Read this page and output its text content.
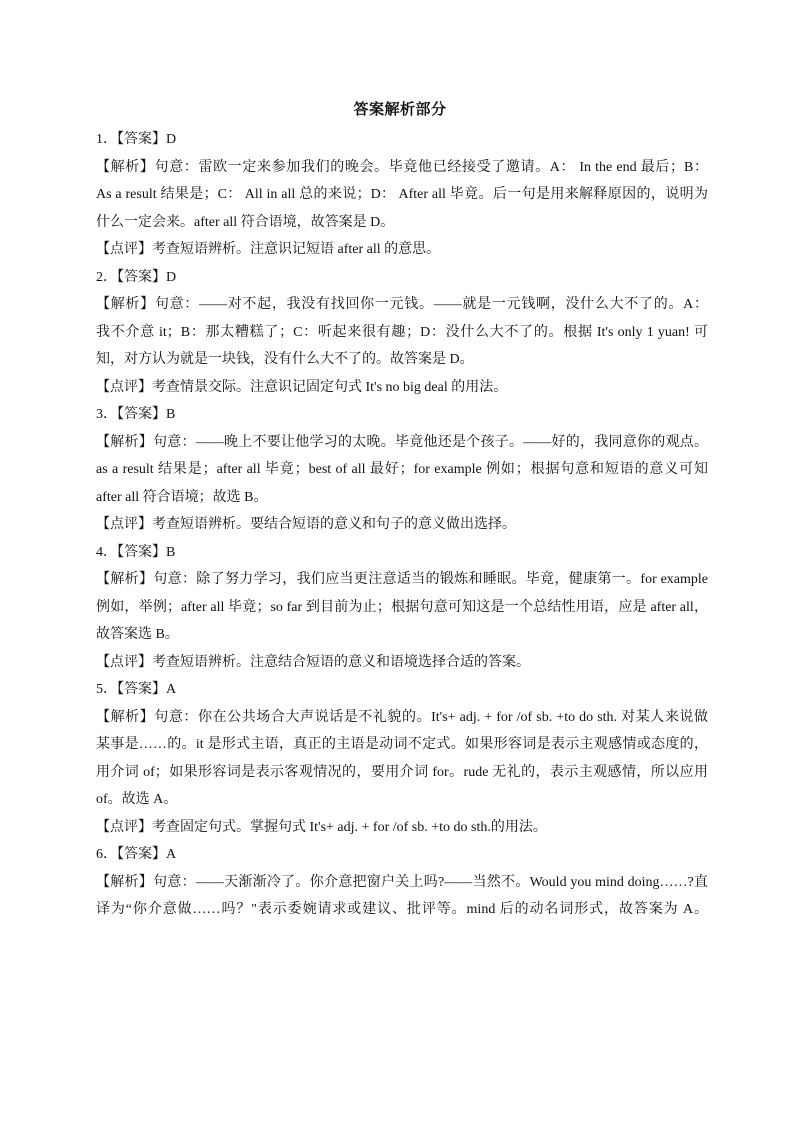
答案解析部分
1．【答案】D
【解析】句意：雷欧一定来参加我们的晚会。毕竟他已经接受了邀请。A： In the end 最后；B：
As a result 结果是；C： All in all 总的来说；D： After all 毕竟。后一句是用来解释原因的，说明为
什么一定会来。after all 符合语境，故答案是 D。
【点评】考查短语辨析。注意识记短语 after all 的意思。
2．【答案】D
【解析】句意：——对不起，我没有找回你一元钱。——就是一元钱啊，没什么大不了的。A：
我不介意 it；B：那太糟糕了；C：听起来很有趣；D：没什么大不了的。根据 It's only 1 yuan! 可
知，对方认为就是一块钱，没有什么大不了的。故答案是 D。
【点评】考查情景交际。注意识记固定句式 It's no big deal 的用法。
3．【答案】B
【解析】句意：——晚上不要让他学习的太晚。毕竟他还是个孩子。——好的，我同意你的观点。
as a result 结果是；after all 毕竟；best of all 最好；for example 例如；根据句意和短语的意义可知
after all 符合语境；故选 B。
【点评】考查短语辨析。要结合短语的意义和句子的意义做出选择。
4．【答案】B
【解析】句意：除了努力学习，我们应当更注意适当的锻炼和睡眠。毕竟，健康第一。for example
例如，举例；after all 毕竟；so far 到目前为止；根据句意可知这是一个总结性用语，应是 after all，
故答案选 B。
【点评】考查短语辨析。注意结合短语的意义和语境选择合适的答案。
5．【答案】A
【解析】句意：你在公共场合大声说话是不礼貌的。It's+ adj. + for /of sb. +to do sth. 对某人来说做
某事是……的。it 是形式主语，真正的主语是动词不定式。如果形容词是表示主观感情或态度的，
用介词 of；如果形容词是表示客观情况的，要用介词 for。rude 无礼的，表示主观感情，所以应用
of。故选 A。
【点评】考查固定句式。掌握句式 It's+ adj. + for /of sb. +to do sth.的用法。
6．【答案】A
【解析】句意：——天渐渐冷了。你介意把窗户关上吗?——当然不。Would you mind doing……?直
译为“你介意做……吗？"表示委婉请求或建议、批评等。mind 后的动名词形式，故答案为 A。
